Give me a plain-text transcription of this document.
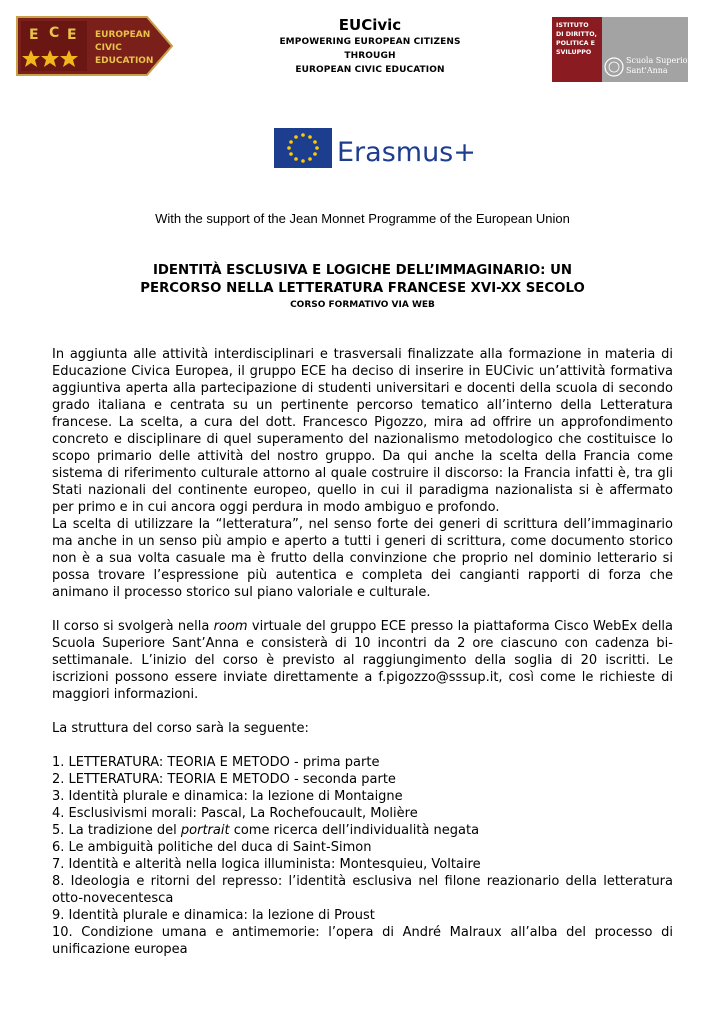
E C E EUROPEAN
CIVIC
EDUCATION
EUCivic
EMPOWERING EUROPEAN CITIZENS
THROUGH
EUROPEAN CIVIC EDUCATION
ISTITUTO
DI DIRITTO,
POLITICA E
SVILUPPO
Scuola Superiore
Sant'Anna
Erasmus+
With the support of the Jean Monnet Programme of the European Union
IDENTITÀ ESCLUSIVA E LOGICHE DELL’IMMAGINARIO: UN
PERCORSO NELLA LETTERATURA FRANCESE XVI-XX SECOLO
CORSO FORMATIVO VIA WEB

In aggiunta alle attività interdisciplinari e trasversali finalizzate alla formazione in materia di Educazione Civica Europea, il gruppo ECE ha deciso di inserire in EUCivic un’attività formativa aggiuntiva aperta alla partecipazione di studenti universitari e docenti della scuola di secondo grado italiana e centrata su un pertinente percorso tematico all’interno della Letteratura francese. La scelta, a cura del dott. Francesco Pigozzo, mira ad offrire un approfondimento concreto e disciplinare di quel superamento del nazionalismo metodologico che costituisce lo scopo primario delle attività del nostro gruppo. Da qui anche la scelta della Francia come sistema di riferimento culturale attorno al quale costruire il discorso: la Francia infatti è, tra gli Stati nazionali del continente europeo, quello in cui il paradigma nazionalista si è affermato per primo e in cui ancora oggi perdura in modo ambiguo e profondo.

La scelta di utilizzare la “letteratura”, nel senso forte dei generi di scrittura dell’immaginario ma anche in un senso più ampio e aperto a tutti i generi di scrittura, come documento storico non è a sua volta casuale ma è frutto della convinzione che proprio nel dominio letterario si possa trovare l’espressione più autentica e completa dei cangianti rapporti di forza che animano il processo storico sul piano valoriale e culturale.

Il corso si svolgerà nella room virtuale del gruppo ECE presso la piattaforma Cisco WebEx della Scuola Superiore Sant’Anna e consisterà di 10 incontri da 2 ore ciascuno con cadenza bi-settimanale. L’inizio del corso è previsto al raggiungimento della soglia di 20 iscritti. Le iscrizioni possono essere inviate direttamente a f.pigozzo@sssup.it, così come le richieste di maggiori informazioni.

La struttura del corso sarà la seguente:

1. LETTERATURA: TEORIA E METODO - prima parte
2. LETTERATURA: TEORIA E METODO - seconda parte
3. Identità plurale e dinamica: la lezione di Montaigne
4. Esclusivismi morali: Pascal, La Rochefoucault, Molière
5. La tradizione del portrait come ricerca dell’individualità negata
6. Le ambiguità politiche del duca di Saint-Simon
7. Identità e alterità nella logica illuminista: Montesquieu, Voltaire
8. Ideologia e ritorni del represso: l’identità esclusiva nel filone reazionario della letteratura otto-novecentesca
9. Identità plurale e dinamica: la lezione di Proust
10. Condizione umana e antimemorie: l’opera di André Malraux all’alba del processo di unificazione europea
